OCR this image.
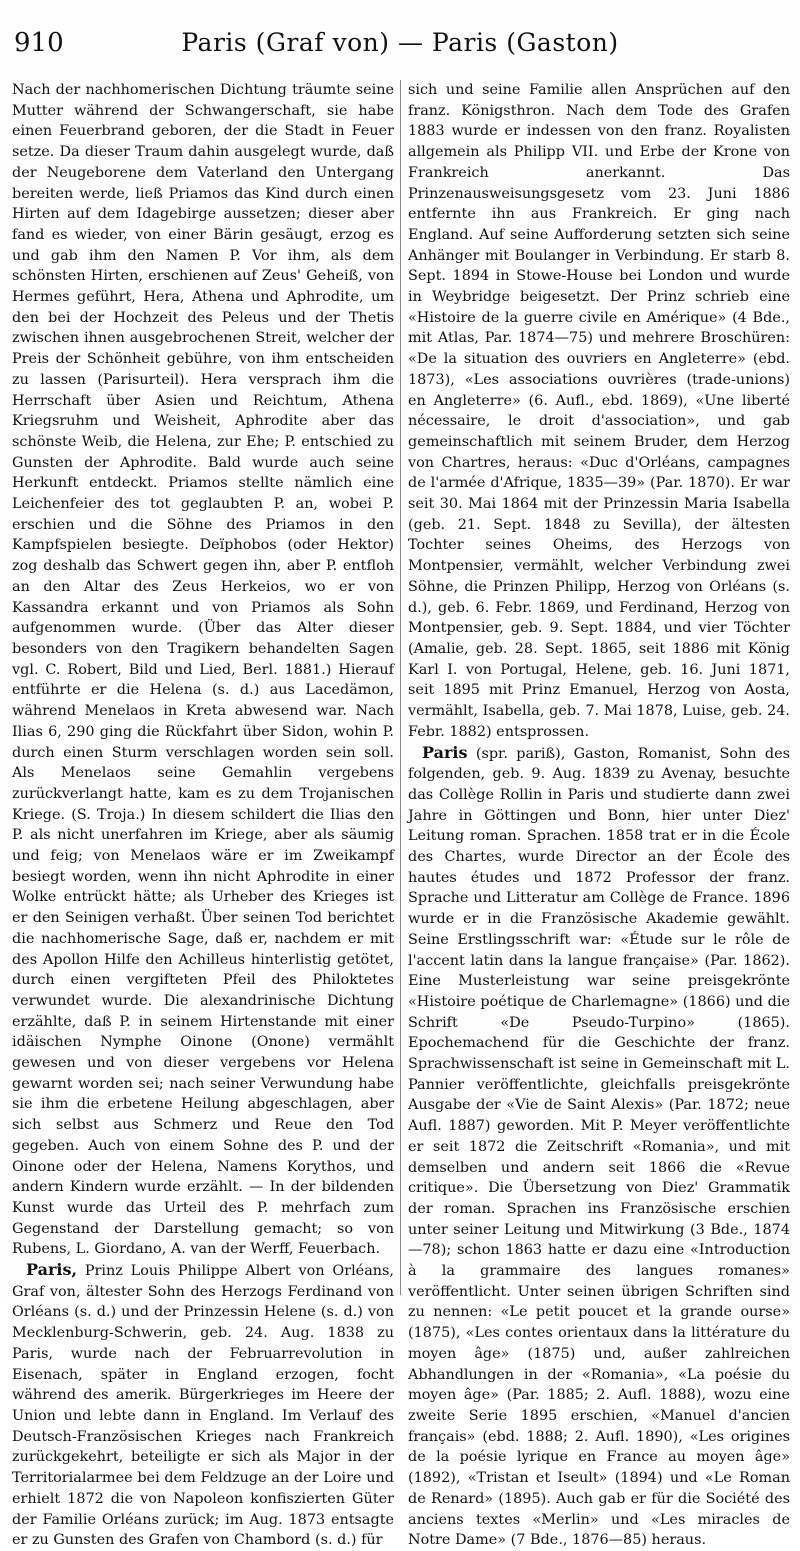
910	Paris (Graf von) — Paris (Gaston)

Nach der nachhomerischen Dichtung träumte seine Mutter während der Schwangerschaft, sie habe einen Feuerbrand geboren, der die Stadt in Feuer setze. Da dieser Traum dahin ausgelegt wurde, daß der Neugeborene dem Vaterland den Untergang bereiten werde, ließ Priamos das Kind durch einen Hirten auf dem Idagebirge aussetzen; dieser aber fand es wieder, von einer Bärin gesäugt, erzog es und gab ihm den Namen P. Vor ihm, als dem schönsten Hirten, erschienen auf Zeus' Geheiß, von Hermes geführt, Hera, Athena und Aphrodite, um den bei der Hochzeit des Peleus und der Thetis zwischen ihnen ausgebrochenen Streit, welcher der Preis der Schönheit gebühre, von ihm entscheiden zu lassen (Parisurteil). Hera versprach ihm die Herrschaft über Asien und Reichtum, Athena Kriegsruhm und Weisheit, Aphrodite aber das schönste Weib, die Helena, zur Ehe; P. entschied zu Gunsten der Aphrodite. Bald wurde auch seine Herkunft entdeckt. Priamos stellte nämlich eine Leichenfeier des tot geglaubten P. an, wobei P. erschien und die Söhne des Priamos in den Kampfspielen besiegte. Deïphobos (oder Hektor) zog deshalb das Schwert gegen ihn, aber P. entfloh an den Altar des Zeus Herkeios, wo er von Kassandra erkannt und von Priamos als Sohn aufgenommen wurde. (Über das Alter dieser besonders von den Tragikern behandelten Sagen vgl. C. Robert, Bild und Lied, Berl. 1881.) Hierauf entführte er die Helena (s. d.) aus Lacedämon, während Menelaos in Kreta abwesend war. Nach Ilias 6, 290 ging die Rückfahrt über Sidon, wohin P. durch einen Sturm verschlagen worden sein soll. Als Menelaos seine Gemahlin vergebens zurückverlangt hatte, kam es zu dem Trojanischen Kriege. (S. Troja.) In diesem schildert die Ilias den P. als nicht unerfahren im Kriege, aber als säumig und feig; von Menelaos wäre er im Zweikampf besiegt worden, wenn ihn nicht Aphrodite in einer Wolke entrückt hätte; als Urheber des Krieges ist er den Seinigen verhaßt. Über seinen Tod berichtet die nachhomerische Sage, daß er, nachdem er mit des Apollon Hilfe den Achilleus hinterlistig getötet, durch einen vergifteten Pfeil des Philoktetes verwundet wurde. Die alexandrinische Dichtung erzählte, daß P. in seinem Hirtenstande mit einer idäischen Nymphe Oinone (Onone) vermählt gewesen und von dieser vergebens vor Helena gewarnt worden sei; nach seiner Verwundung habe sie ihm die erbetene Heilung abgeschlagen, aber sich selbst aus Schmerz und Reue den Tod gegeben. Auch von einem Sohne des P. und der Oinone oder der Helena, Namens Korythos, und andern Kindern wurde erzählt. — In der bildenden Kunst wurde das Urteil des P. mehrfach zum Gegenstand der Darstellung gemacht; so von Rubens, L. Giordano, A. van der Werff, Feuerbach.

Paris, Prinz Louis Philippe Albert von Orléans, Graf von, ältester Sohn des Herzogs Ferdinand von Orléans (s. d.) und der Prinzessin Helene (s. d.) von Mecklenburg-Schwerin, geb. 24. Aug. 1838 zu Paris, wurde nach der Februarrevolution in Eisenach, später in England erzogen, focht während des amerik. Bürgerkrieges im Heere der Union und lebte dann in England. Im Verlauf des Deutsch-Französischen Krieges nach Frankreich zurückgekehrt, beteiligte er sich als Major in der Territorialarmee bei dem Feldzuge an der Loire und erhielt 1872 die von Napoleon konfiszierten Güter der Familie Orléans zurück; im Aug. 1873 entsagte er zu Gunsten des Grafen von Chambord (s. d.) für

sich und seine Familie allen Ansprüchen auf den franz. Königsthron. Nach dem Tode des Grafen 1883 wurde er indessen von den franz. Royalisten allgemein als Philipp VII. und Erbe der Krone von Frankreich anerkannt. Das Prinzenausweisungsgesetz vom 23. Juni 1886 entfernte ihn aus Frankreich. Er ging nach England. Auf seine Aufforderung setzten sich seine Anhänger mit Boulanger in Verbindung. Er starb 8. Sept. 1894 in Stowe-House bei London und wurde in Weybridge beigesetzt. Der Prinz schrieb eine «Histoire de la guerre civile en Amérique» (4 Bde., mit Atlas, Par. 1874—75) und mehrere Broschüren: «De la situation des ouvriers en Angleterre» (ebd. 1873), «Les associations ouvrières (trade-unions) en Angleterre» (6. Aufl., ebd. 1869), «Une liberté nécessaire, le droit d'association», und gab gemeinschaftlich mit seinem Bruder, dem Herzog von Chartres, heraus: «Duc d'Orléans, campagnes de l'armée d'Afrique, 1835—39» (Par. 1870). Er war seit 30. Mai 1864 mit der Prinzessin Maria Isabella (geb. 21. Sept. 1848 zu Sevilla), der ältesten Tochter seines Oheims, des Herzogs von Montpensier, vermählt, welcher Verbindung zwei Söhne, die Prinzen Philipp, Herzog von Orléans (s. d.), geb. 6. Febr. 1869, und Ferdinand, Herzog von Montpensier, geb. 9. Sept. 1884, und vier Töchter (Amalie, geb. 28. Sept. 1865, seit 1886 mit König Karl I. von Portugal, Helene, geb. 16. Juni 1871, seit 1895 mit Prinz Emanuel, Herzog von Aosta, vermählt, Isabella, geb. 7. Mai 1878, Luise, geb. 24. Febr. 1882) entsprossen.

Paris (spr. pariß), Gaston, Romanist, Sohn des folgenden, geb. 9. Aug. 1839 zu Avenay, besuchte das Collège Rollin in Paris und studierte dann zwei Jahre in Göttingen und Bonn, hier unter Diez' Leitung roman. Sprachen. 1858 trat er in die École des Chartes, wurde Director an der École des hautes études und 1872 Professor der franz. Sprache und Litteratur am Collège de France. 1896 wurde er in die Französische Akademie gewählt. Seine Erstlingsschrift war: «Étude sur le rôle de l'accent latin dans la langue française» (Par. 1862). Eine Musterleistung war seine preisgekrönte «Histoire poétique de Charlemagne» (1866) und die Schrift «De Pseudo-Turpino» (1865). Epochemachend für die Geschichte der franz. Sprachwissenschaft ist seine in Gemeinschaft mit L. Pannier veröffentlichte, gleichfalls preisgekrönte Ausgabe der «Vie de Saint Alexis» (Par. 1872; neue Aufl. 1887) geworden. Mit P. Meyer veröffentlichte er seit 1872 die Zeitschrift «Romania», und mit demselben und andern seit 1866 die «Revue critique». Die Übersetzung von Diez' Grammatik der roman. Sprachen ins Französische erschien unter seiner Leitung und Mitwirkung (3 Bde., 1874—78); schon 1863 hatte er dazu eine «Introduction à la grammaire des langues romanes» veröffentlicht. Unter seinen übrigen Schriften sind zu nennen: «Le petit poucet et la grande ourse» (1875), «Les contes orientaux dans la littérature du moyen âge» (1875) und, außer zahlreichen Abhandlungen in der «Romania», «La poésie du moyen âge» (Par. 1885; 2. Aufl. 1888), wozu eine zweite Serie 1895 erschien, «Manuel d'ancien français» (ebd. 1888; 2. Aufl. 1890), «Les origines de la poésie lyrique en France au moyen âge» (1892), «Tristan et Iseult» (1894) und «Le Roman de Renard» (1895). Auch gab er für die Société des anciens textes «Merlin» und «Les miracles de Notre Dame» (7 Bde., 1876—85) heraus.
